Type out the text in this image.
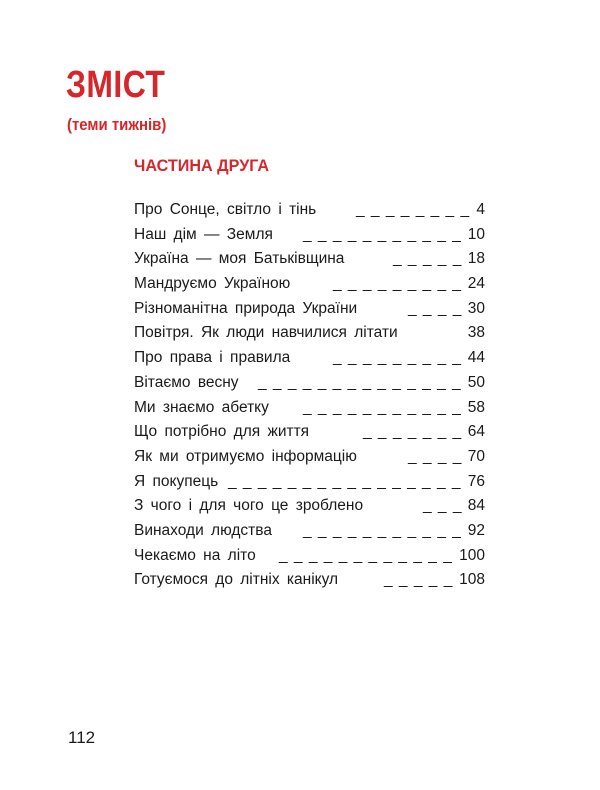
ЗМІСТ
(теми тижнів)
ЧАСТИНА ДРУГА
Про Сонце, світло і тінь	_ _ _ _ _ _ _ _ 4
Наш дім — Земля _ _ _ _ _ _ _ _ _ _ _ 10
Україна — моя Батьківщина	_ _ _ _ _ 18
Мандруємо Україною	_ _ _ _ _ _ _ _ _ 24
Різноманітна природа України	_ _ _ _ 30
Повітря. Як люди навчилися літати	38
Про права і правила	_ _ _ _ _ _ _ _ _ 44
Вітаємо весну _ _ _ _ _ _ _ _ _ _ _ _ _ _ 50
Ми знаємо абетку _ _ _ _ _ _ _ _ _ _ _ 58
Що потрібно для життя	_ _ _ _ _ _ _ 64
Як ми отримуємо інформацію	_ _ _ _ 70
Я покупець _ _ _ _ _ _ _ _ _ _ _ _ _ _ _ _ 76
З чого і для чого це зроблено	_ _ _ 84
Винаходи людства _ _ _ _ _ _ _ _ _ _ _ 92
Чекаємо на літо _ _ _ _ _ _ _ _ _ _ _ _ 100
Готуємося до літніх канікул	_ _ _ _ _ 108
112
